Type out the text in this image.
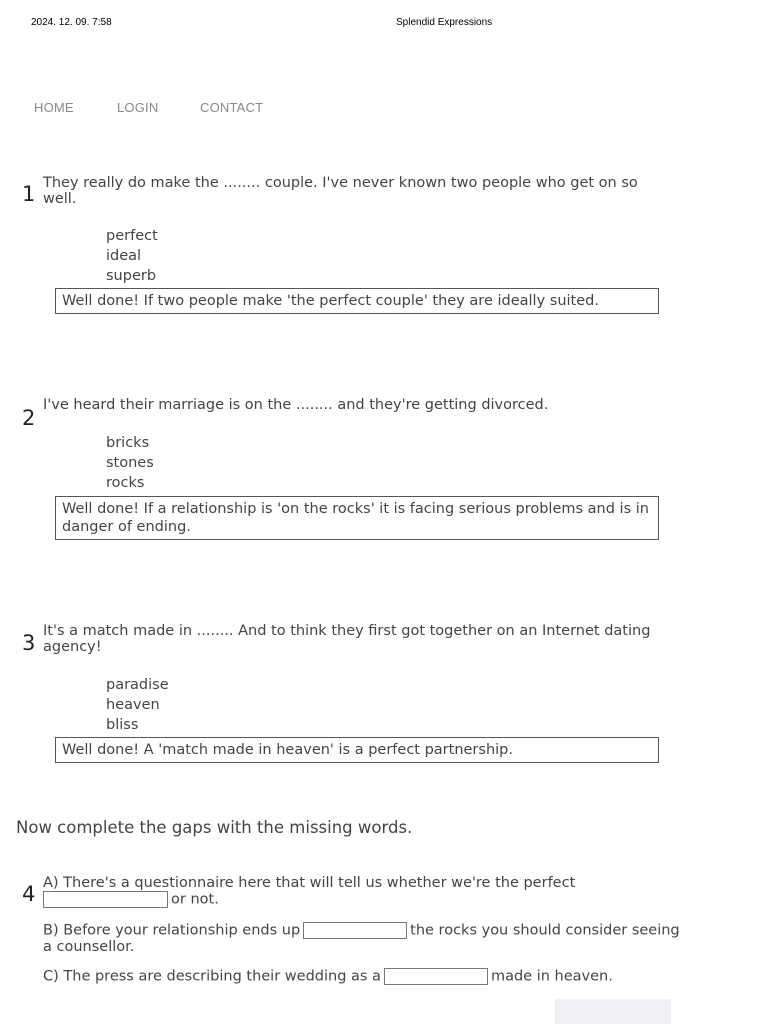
2024. 12. 09. 7:58	Splendid Expressions
HOME	LOGIN	CONTACT
1 They really do make the ........ couple. I've never known two people who get on so well.
perfect
ideal
superb
Well done! If two people make 'the perfect couple' they are ideally suited.
2
I've heard their marriage is on the ........ and they're getting divorced.
bricks
stones
rocks
Well done! If a relationship is 'on the rocks' it is facing serious problems and is in danger of ending.
3 It's a match made in ........ And to think they first got together on an Internet dating agency!
paradise
heaven
bliss
Well done! A 'match made in heaven' is a perfect partnership.
Now complete the gaps with the missing words.
4 A) There's a questionnaire here that will tell us whether we're the perfect
or not.
B) Before your relationship ends up	the rocks you should consider seeing a counsellor.
C) The press are describing their wedding as a	made in heaven.
